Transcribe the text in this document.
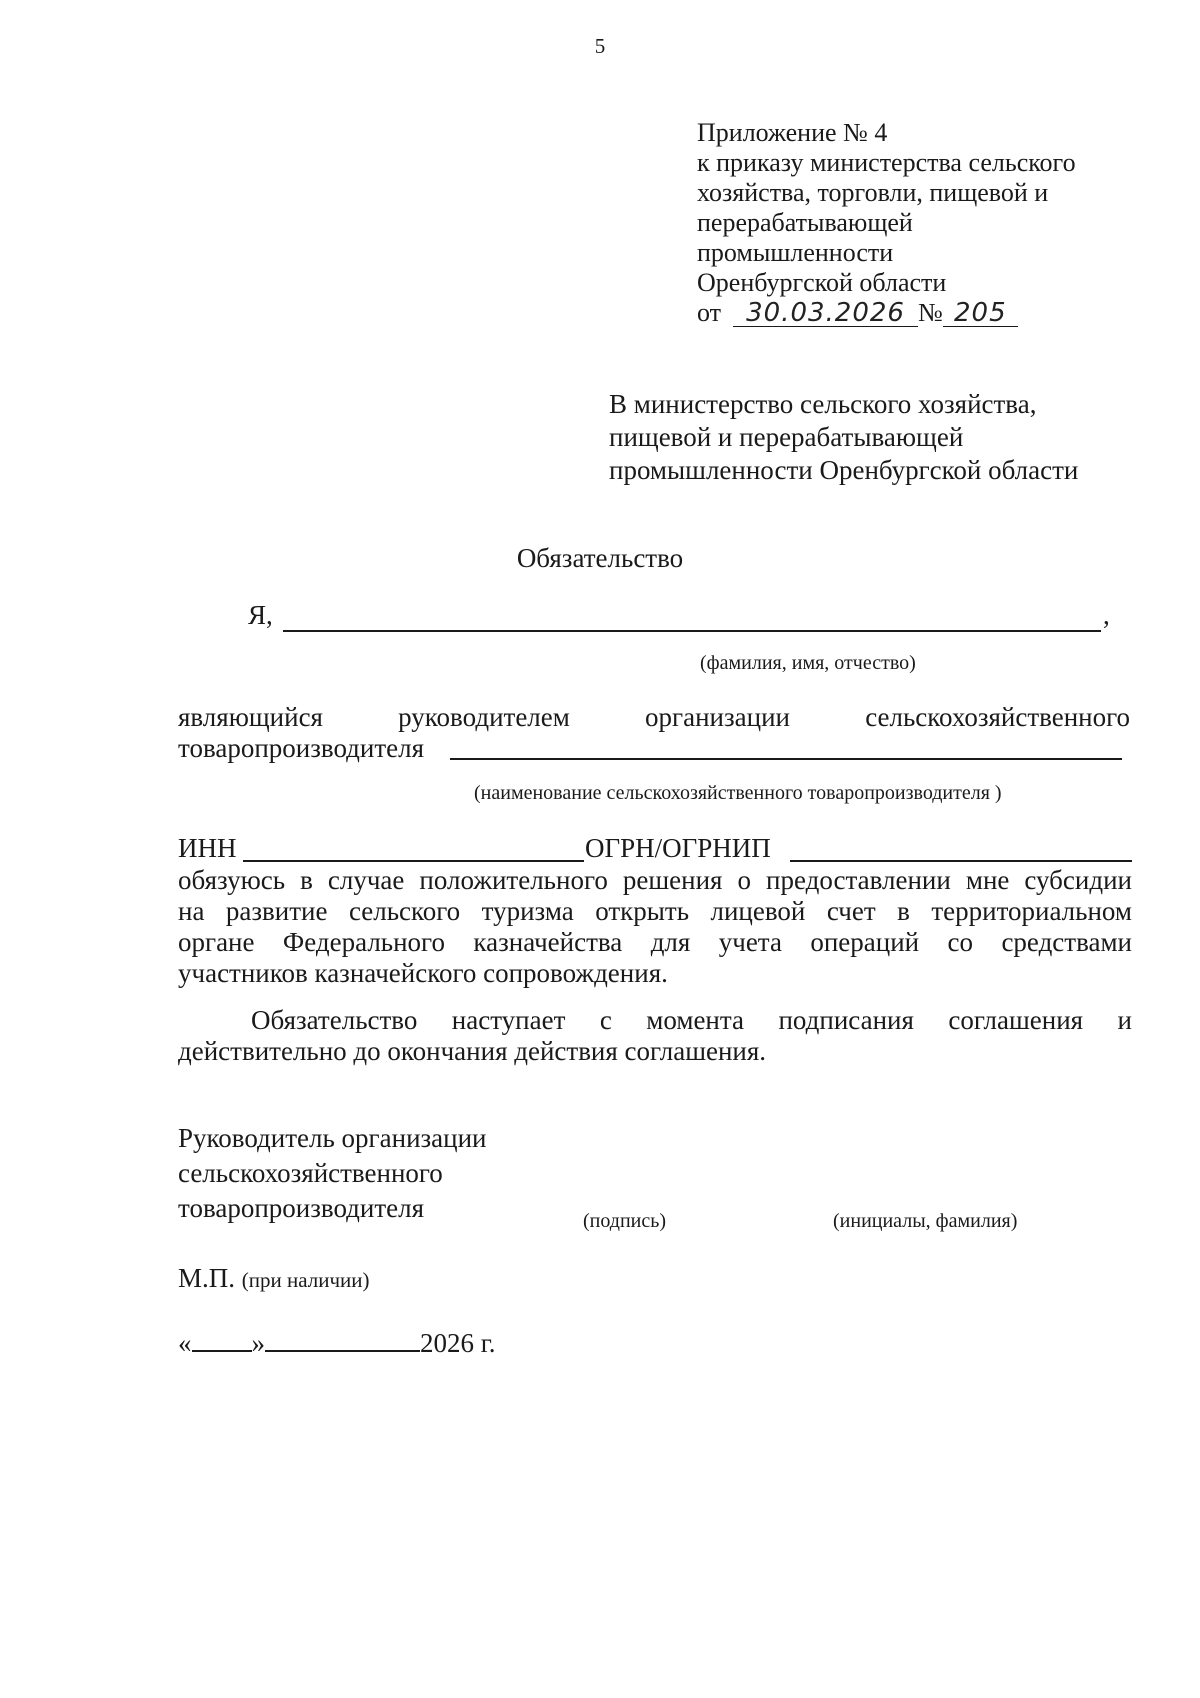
5
Приложение № 4
к приказу министерства сельского
хозяйства, торговли, пищевой и
перерабатывающей
промышленности
Оренбургской области
от 30.03.2026 № 205
В министерство сельского хозяйства,
пищевой и перерабатывающей
промышленности Оренбургской области
Обязательство
Я,	,
(фамилия, имя, отчество)
являющийся	руководителем	организации	сельскохозяйственного
товаропроизводителя
(наименование сельскохозяйственного товаропроизводителя )
ИНН	ОГРН/ОГРНИП
обязуюсь в случае положительного решения о предоставлении мне субсидии
на развитие сельского туризма открыть лицевой счет в территориальном
органе Федерального казначейства для учета операций со средствами
участников казначейского сопровождения.
Обязательство наступает с момента подписания соглашения и
действительно до окончания действия соглашения.
Руководитель организации
сельскохозяйственного
товаропроизводителя	(подпись)	(инициалы, фамилия)
М.П. (при наличии)
« »	2026 г.
